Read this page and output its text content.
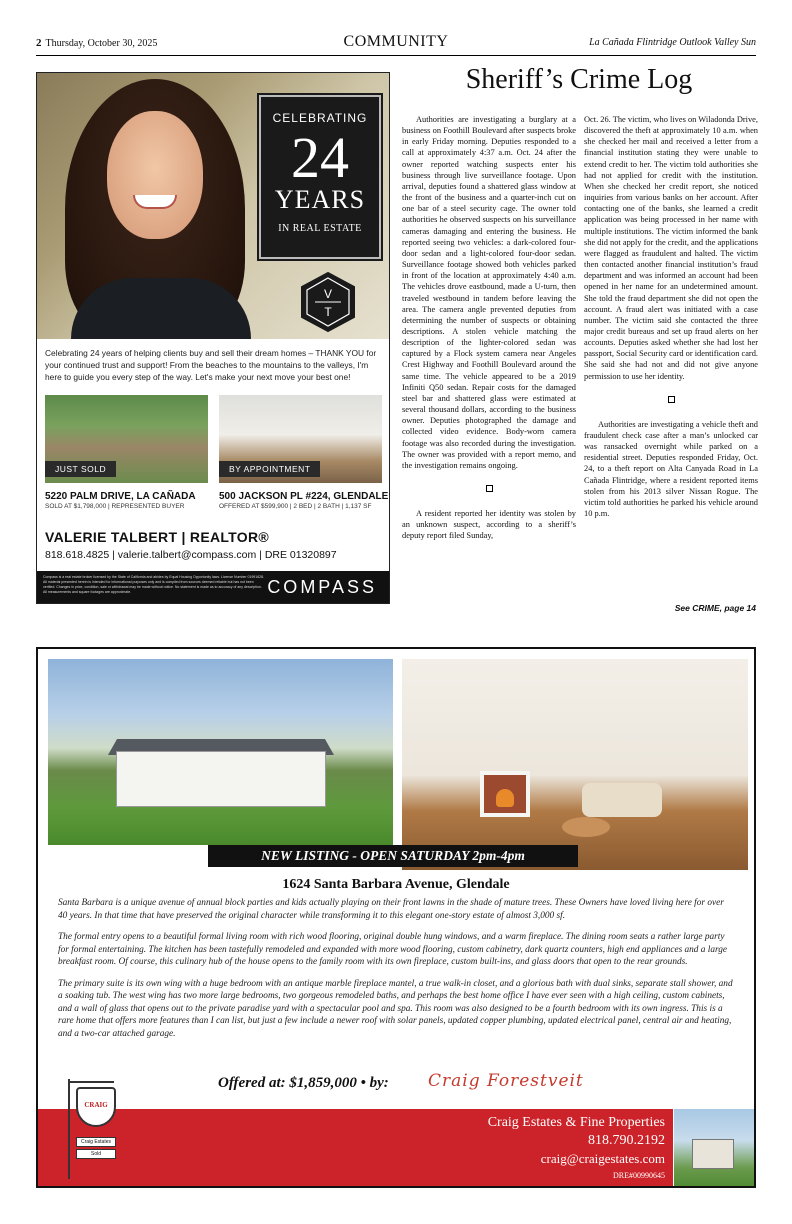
2 Thursday, October 30, 2025	COMMUNITY	La Cañada Flintridge Outlook Valley Sun
CELEBRATING
24
YEARS
IN REAL ESTATE
V
T
Celebrating 24 years of helping clients buy and sell their dream homes – THANK YOU for your continued trust and support! From the beaches to the mountains to the valleys, I'm here to guide you every step of the way. Let's make your next move your best one!
JUST SOLD	BY APPOINTMENT
5220 PALM DRIVE, LA CAÑADA
SOLD AT $1,798,000 | REPRESENTED BUYER
500 JACKSON PL #224, GLENDALE
OFFERED AT $599,900 | 2 BED | 2 BATH | 1,137 SF
VALERIE TALBERT | REALTOR®
818.618.4825 | valerie.talbert@compass.com | DRE 01320897
Compass is a real estate broker licensed by the State of California and abides by Equal Housing Opportunity laws. License Number 01991628. All material presented herein is intended for informational purposes only and is compiled from sources deemed reliable but has not been verified. Changes in price, condition, sale or withdrawal may be made without notice. No statement is made as to accuracy of any description. All measurements and square footages are approximate.	COMPASS
Sheriff’s Crime Log

Authorities are investigating a burglary at a business on Foothill Boulevard after suspects broke in early Friday morning. Deputies responded to a call at approximately 4:37 a.m. Oct. 24 after the owner reported watching suspects enter his business through live surveillance footage. Upon arrival, deputies found a shattered glass window at the front of the business and a quarter-inch cut on one bar of a steel security cage. The owner told authorities he observed suspects on his surveillance cameras damaging and entering the business. He reported seeing two vehicles: a dark-colored four-door sedan and a light-colored four-door sedan. Surveillance footage showed both vehicles parked in front of the location at approximately 4:40 a.m. The vehicles drove eastbound, made a U-turn, then traveled westbound in tandem before leaving the area. The camera angle prevented deputies from determining the number of suspects or obtaining descriptions. A stolen vehicle matching the description of the lighter-colored sedan was captured by a Flock system camera near Angeles Crest Highway and Foothill Boulevard around the same time. The vehicle appeared to be a 2019 Infiniti Q50 sedan. Repair costs for the damaged steel bar and shattered glass were estimated at several thousand dollars, according to the business owner. Deputies photographed the damage and collected video evidence. Body-worn camera footage was also recorded during the investigation. The owner was provided with a report memo, and the investigation remains ongoing.

A resident reported her identity was stolen by an unknown suspect, according to a sheriff’s deputy report filed Sunday,

Oct. 26. The victim, who lives on Wiladonda Drive, discovered the theft at approximately 10 a.m. when she checked her mail and received a letter from a financial institution stating they were unable to extend credit to her. The victim told authorities she had not applied for credit with the institution. When she checked her credit report, she noticed inquiries from various banks on her account. After contacting one of the banks, she learned a credit application was being processed in her name with multiple institutions. The victim informed the bank she did not apply for the credit, and the applications were flagged as fraudulent and halted. The victim then contacted another financial institution’s fraud department and was informed an account had been opened in her name for an undetermined amount. She told the fraud department she did not open the account. A fraud alert was initiated with a case number. The victim said she contacted the three major credit bureaus and set up fraud alerts on her accounts. Deputies asked whether she had lost her passport, Social Security card or identification card. She said she had not and did not give anyone permission to use her identity.

Authorities are investigating a vehicle theft and fraudulent check case after a man’s unlocked car was ransacked overnight while parked on a residential street. Deputies responded Friday, Oct. 24, to a theft report on Alta Canyada Road in La Cañada Flintridge, where a resident reported items stolen from his 2013 silver Nissan Rogue. The victim told authorities he parked his vehicle around 10 p.m.

See CRIME, page 14
NEW LISTING - OPEN SATURDAY 2pm-4pm
1624 Santa Barbara Avenue, Glendale

Santa Barbara is a unique avenue of annual block parties and kids actually playing on their front lawns in the shade of mature trees. These Owners have loved living here for over 40 years. In that time that have preserved the original character while transforming it to this elegant one-story estate of almost 3,000 sf.

The formal entry opens to a beautiful formal living room with rich wood flooring, original double hung windows, and a warm fireplace. The dining room seats a rather large party for formal entertaining. The kitchen has been tastefully remodeled and expanded with more wood flooring, custom cabinetry, dark quartz counters, high end appliances and a large breakfast room. Of course, this culinary hub of the house opens to the family room with its own fireplace, custom built-ins, and glass doors that open to the rear grounds.

The primary suite is its own wing with a huge bedroom with an antique marble fireplace mantel, a true walk-in closet, and a glorious bath with dual sinks, separate stall shower, and a soaking tub. The west wing has two more large bedrooms, two gorgeous remodeled baths, and perhaps the best home office I have ever seen with a high ceiling, custom cabinets, and a wall of glass that opens out to the private paradise yard with a spectacular pool and spa. This room was also designed to be a fourth bedroom with its own ingress. This is a rare home that offers more features than I can list, but just a few include a newer roof with solar panels, updated copper plumbing, updated electrical panel, central air and heating, and a two-car attached garage.

Offered at: $1,859,000 • by: Craig Forestveit
Craig Estates & Fine Properties
818.790.2192
craig@craigestates.com
DRE#00990645
CRAIG
Craig Estates
Sold
